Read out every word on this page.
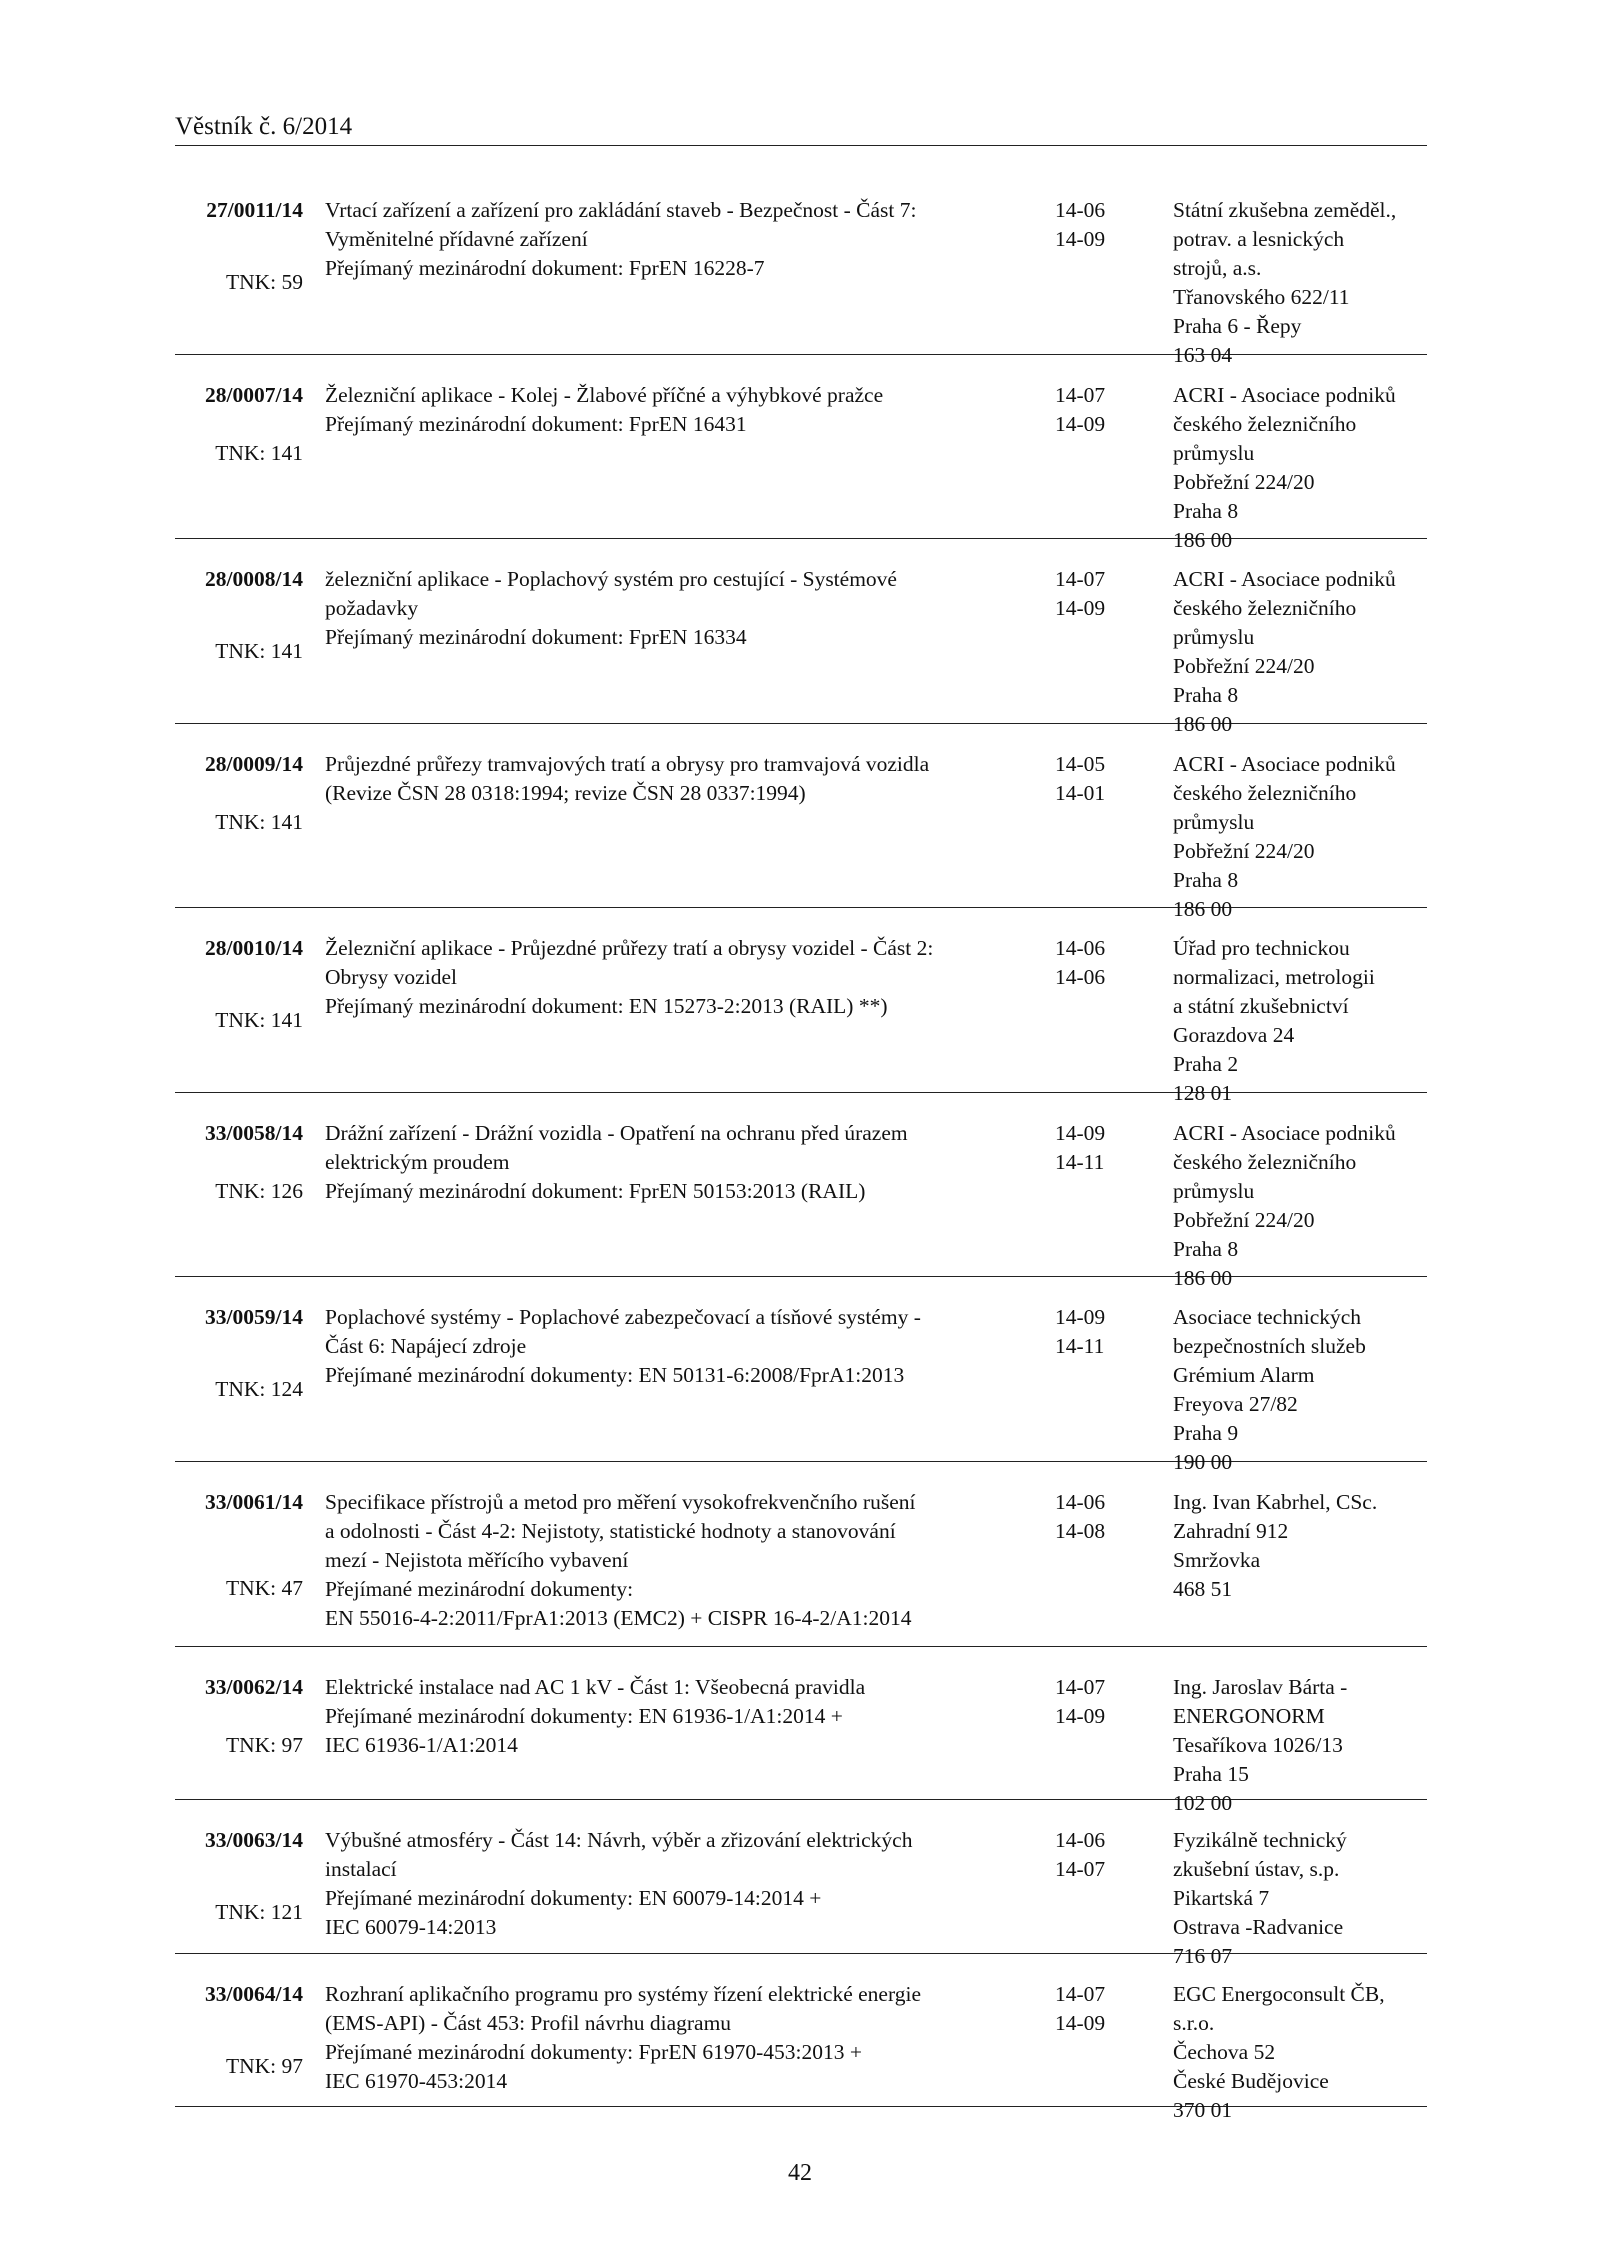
Věstník č. 6/2014
27/0011/14
TNK: 59
Vrtací zařízení a zařízení pro zakládání staveb - Bezpečnost - Část 7:
Vyměnitelné přídavné zařízení
Přejímaný mezinárodní dokument: FprEN 16228-7
14-06
14-09
Státní zkušebna zeměděl.,
potrav. a lesnických
strojů, a.s.
Třanovského 622/11
Praha 6 - Řepy
163 04
28/0007/14
TNK: 141
Železniční aplikace - Kolej - Žlabové příčné a výhybkové pražce
Přejímaný mezinárodní dokument: FprEN 16431
14-07
14-09
ACRI - Asociace podniků
českého železničního
průmyslu
Pobřežní 224/20
Praha 8
186 00
28/0008/14
TNK: 141
železniční aplikace - Poplachový systém pro cestující - Systémové
požadavky
Přejímaný mezinárodní dokument: FprEN 16334
14-07
14-09
ACRI - Asociace podniků
českého železničního
průmyslu
Pobřežní 224/20
Praha 8
186 00
28/0009/14
TNK: 141
Průjezdné průřezy tramvajových tratí a obrysy pro tramvajová vozidla
(Revize ČSN 28 0318:1994; revize ČSN 28 0337:1994)
14-05
14-01
ACRI - Asociace podniků
českého železničního
průmyslu
Pobřežní 224/20
Praha 8
186 00
28/0010/14
TNK: 141
Železniční aplikace - Průjezdné průřezy tratí a obrysy vozidel - Část 2:
Obrysy vozidel
Přejímaný mezinárodní dokument: EN 15273-2:2013 (RAIL) **)
14-06
14-06
Úřad pro technickou
normalizaci, metrologii
a státní zkušebnictví
Gorazdova 24
Praha 2
128 01
33/0058/14
TNK: 126
Drážní zařízení - Drážní vozidla - Opatření na ochranu před úrazem
elektrickým proudem
Přejímaný mezinárodní dokument: FprEN 50153:2013 (RAIL)
14-09
14-11
ACRI - Asociace podniků
českého železničního
průmyslu
Pobřežní 224/20
Praha 8
186 00
33/0059/14
TNK: 124
Poplachové systémy - Poplachové zabezpečovací a tísňové systémy -
Část 6: Napájecí zdroje
Přejímané mezinárodní dokumenty: EN 50131-6:2008/FprA1:2013
14-09
14-11
Asociace technických
bezpečnostních služeb
Grémium Alarm
Freyova 27/82
Praha 9
190 00
33/0061/14
TNK: 47
Specifikace přístrojů a metod pro měření vysokofrekvenčního rušení
a odolnosti - Část 4-2: Nejistoty, statistické hodnoty a stanovování
mezí - Nejistota měřícího vybavení
Přejímané mezinárodní dokumenty:
EN 55016-4-2:2011/FprA1:2013 (EMC2) + CISPR 16-4-2/A1:2014
14-06
14-08
Ing. Ivan Kabrhel, CSc.
Zahradní 912
Smržovka
468 51
33/0062/14
TNK: 97
Elektrické instalace nad AC 1 kV - Část 1: Všeobecná pravidla
Přejímané mezinárodní dokumenty: EN 61936-1/A1:2014 +
IEC 61936-1/A1:2014
14-07
14-09
Ing. Jaroslav Bárta -
ENERGONORM
Tesaříkova 1026/13
Praha 15
102 00
33/0063/14
TNK: 121
Výbušné atmosféry - Část 14: Návrh, výběr a zřizování elektrických
instalací
Přejímané mezinárodní dokumenty: EN 60079-14:2014 +
IEC 60079-14:2013
14-06
14-07
Fyzikálně technický
zkušební ústav, s.p.
Pikartská 7
Ostrava -Radvanice
716 07
33/0064/14
TNK: 97
Rozhraní aplikačního programu pro systémy řízení elektrické energie
(EMS-API) - Část 453: Profil návrhu diagramu
Přejímané mezinárodní dokumenty: FprEN 61970-453:2013 +
IEC 61970-453:2014
14-07
14-09
EGC Energoconsult ČB,
s.r.o.
Čechova 52
České Budějovice
370 01
42
